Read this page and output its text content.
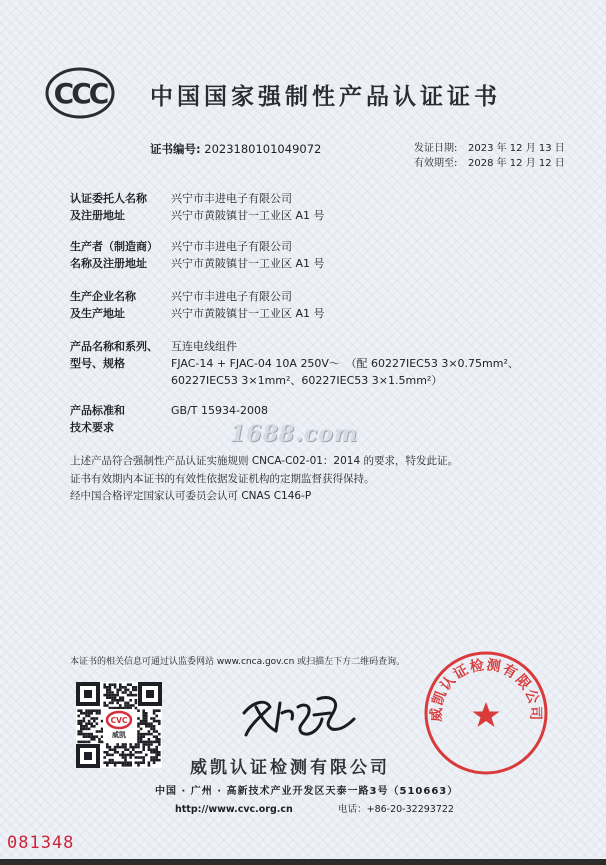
CCC 中国国家强制性产品认证证书
证书编号: 2023180101049072	发证日期: 2023 年 12 月 13 日
有效期至: 2028 年 12 月 12 日
认证委托人名称
及注册地址
兴宁市丰进电子有限公司
兴宁市黄陂镇甘一工业区 A1 号
生产者（制造商）
名称及注册地址
兴宁市丰进电子有限公司
兴宁市黄陂镇甘一工业区 A1 号
生产企业名称
及生产地址
兴宁市丰进电子有限公司
兴宁市黄陂镇甘一工业区 A1 号
产品名称和系列、
型号、规格
互连电线组件
FJAC-14 + FJAC-04 10A 250V～　（配 60227IEC53 3×0.75mm²、
60227IEC53 3×1mm²、60227IEC53 3×1.5mm²）
产品标准和
技术要求
GB/T 15934-2008
1688.com
上述产品符合强制性产品认证实施规则 CNCA-C02-01：2014 的要求，特发此证。
证书有效期内本证书的有效性依据发证机构的定期监督获得保持。
经中国合格评定国家认可委员会认可 CNAS C146-P
本证书的相关信息可通过认监委网站 www.cnca.gov.cn 或扫描左下方二维码查询。
CVC
威凯
威凯认证检测有限公司
中国 · 广州 · 高新技术产业开发区天泰一路3号（510663）
http://www.cvc.org.cn	电话：+86-20-32293722
威凯认证检测有限公司
081348
